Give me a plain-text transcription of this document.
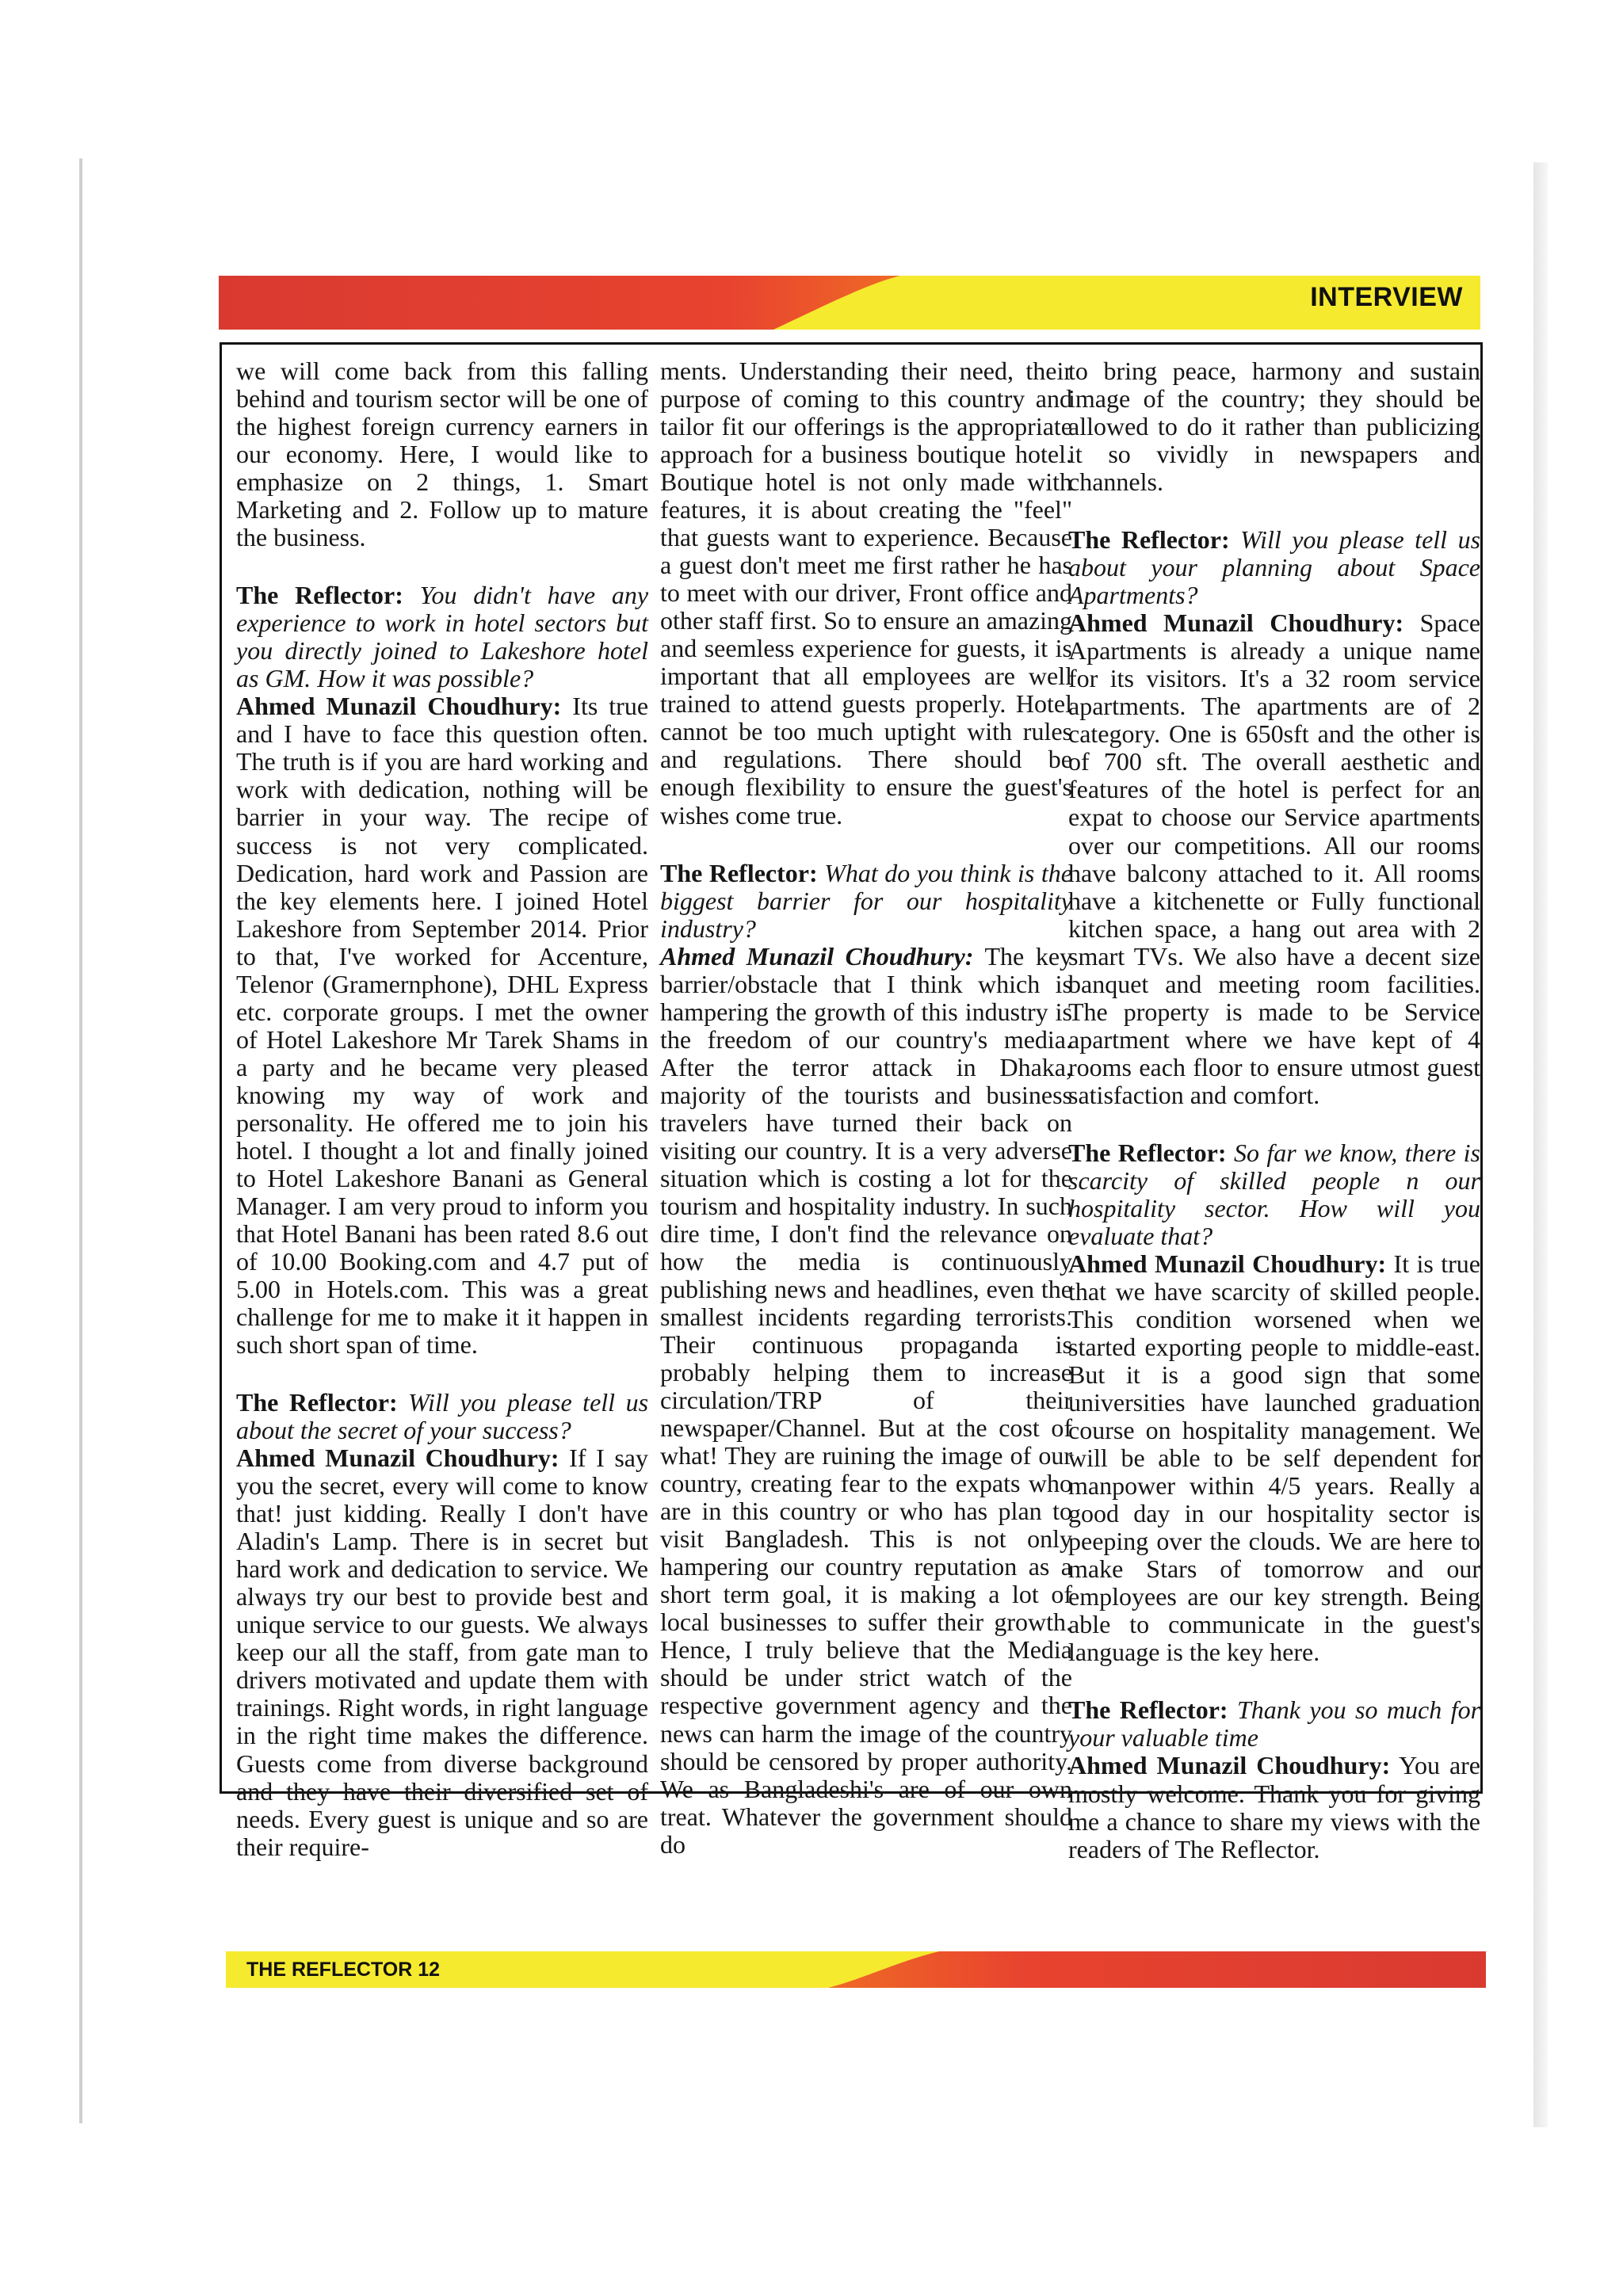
INTERVIEW

we will come back from this falling behind and tourism sector will be one of the highest foreign currency earners in our economy. Here, I would like to emphasize on 2 things, 1. Smart Marketing and 2. Follow up to mature the business.

The Reflector: You didn't have any experience to work in hotel sectors but you directly joined to Lakeshore hotel as GM. How it was possible?

Ahmed Munazil Choudhury: Its true and I have to face this question often. The truth is if you are hard working and work with dedication, nothing will be barrier in your way. The recipe of success is not very complicated. Dedication, hard work and Passion are the key elements here. I joined Hotel Lakeshore from September 2014. Prior to that, I've worked for Accenture, Telenor (Gramernphone), DHL Express etc. corporate groups. I met the owner of Hotel Lakeshore Mr Tarek Shams in a party and he became very pleased knowing my way of work and personality. He offered me to join his hotel. I thought a lot and finally joined to Hotel Lakeshore Banani as General Manager. I am very proud to inform you that Hotel Banani has been rated 8.6 out of 10.00 Booking.com and 4.7 put of 5.00 in Hotels.com. This was a great challenge for me to make it it happen in such short span of time.

The Reflector: Will you please tell us about the secret of your success?

Ahmed Munazil Choudhury: If I say you the secret, every will come to know that! just kidding. Really I don't have Aladin's Lamp. There is in secret but hard work and dedication to service. We always try our best to provide best and unique service to our guests. We always keep our all the staff, from gate man to drivers motivated and update them with trainings. Right words, in right language in the right time makes the difference. Guests come from diverse background and they have their diversified set of needs. Every guest is unique and so are their require-

ments. Understanding their need, their purpose of coming to this country and tailor fit our offerings is the appropriate approach for a business boutique hotel. Boutique hotel is not only made with features, it is about creating the "feel" that guests want to experience. Because a guest don't meet me first rather he has to meet with our driver, Front office and other staff first. So to ensure an amazing and seemless experience for guests, it is important that all employees are well trained to attend guests properly. Hotel cannot be too much uptight with rules and regulations. There should be enough flexibility to ensure the guest's wishes come true.

The Reflector: What do you think is the biggest barrier for our hospitality industry?

Ahmed Munazil Choudhury: The key barrier/obstacle that I think which is hampering the growth of this industry is the freedom of our country's media. After the terror attack in Dhaka, majority of the tourists and business travelers have turned their back on visiting our country. It is a very adverse situation which is costing a lot for the tourism and hospitality industry. In such dire time, I don't find the relevance on how the media is continuously publishing news and headlines, even the smallest incidents regarding terrorists. Their continuous propaganda is probably helping them to increase circulation/TRP of their newspaper/Channel. But at the cost of what! They are ruining the image of our country, creating fear to the expats who are in this country or who has plan to visit Bangladesh. This is not only hampering our country reputation as a short term goal, it is making a lot of local businesses to suffer their growth. Hence, I truly believe that the Media should be under strict watch of the respective government agency and the news can harm the image of the country should be censored by proper authority. We as Bangladeshi's are of our own treat. Whatever the government should do

to bring peace, harmony and sustain image of the country; they should be allowed to do it rather than publicizing it so vividly in newspapers and channels.

The Reflector: Will you please tell us about your planning about Space Apartments?

Ahmed Munazil Choudhury: Space Apartments is already a unique name for its visitors. It's a 32 room service apartments. The apartments are of 2 category. One is 650sft and the other is of 700 sft. The overall aesthetic and features of the hotel is perfect for an expat to choose our Service apartments over our competitions. All our rooms have balcony attached to it. All rooms have a kitchenette or Fully functional kitchen space, a hang out area with 2 smart TVs. We also have a decent size banquet and meeting room facilities. The property is made to be Service apartment where we have kept of 4 rooms each floor to ensure utmost guest satisfaction and comfort.

The Reflector: So far we know, there is scarcity of skilled people n our hospitality sector. How will you evaluate that?

Ahmed Munazil Choudhury: It is true that we have scarcity of skilled people. This condition worsened when we started exporting people to middle-east. But it is a good sign that some universities have launched graduation course on hospitality management. We will be able to be self dependent for manpower within 4/5 years. Really a good day in our hospitality sector is peeping over the clouds. We are here to make Stars of tomorrow and our employees are our key strength. Being able to communicate in the guest's language is the key here.

The Reflector: Thank you so much for your valuable time

Ahmed Munazil Choudhury: You are mostly welcome. Thank you for giving me a chance to share my views with the readers of The Reflector.

THE REFLECTOR 12
